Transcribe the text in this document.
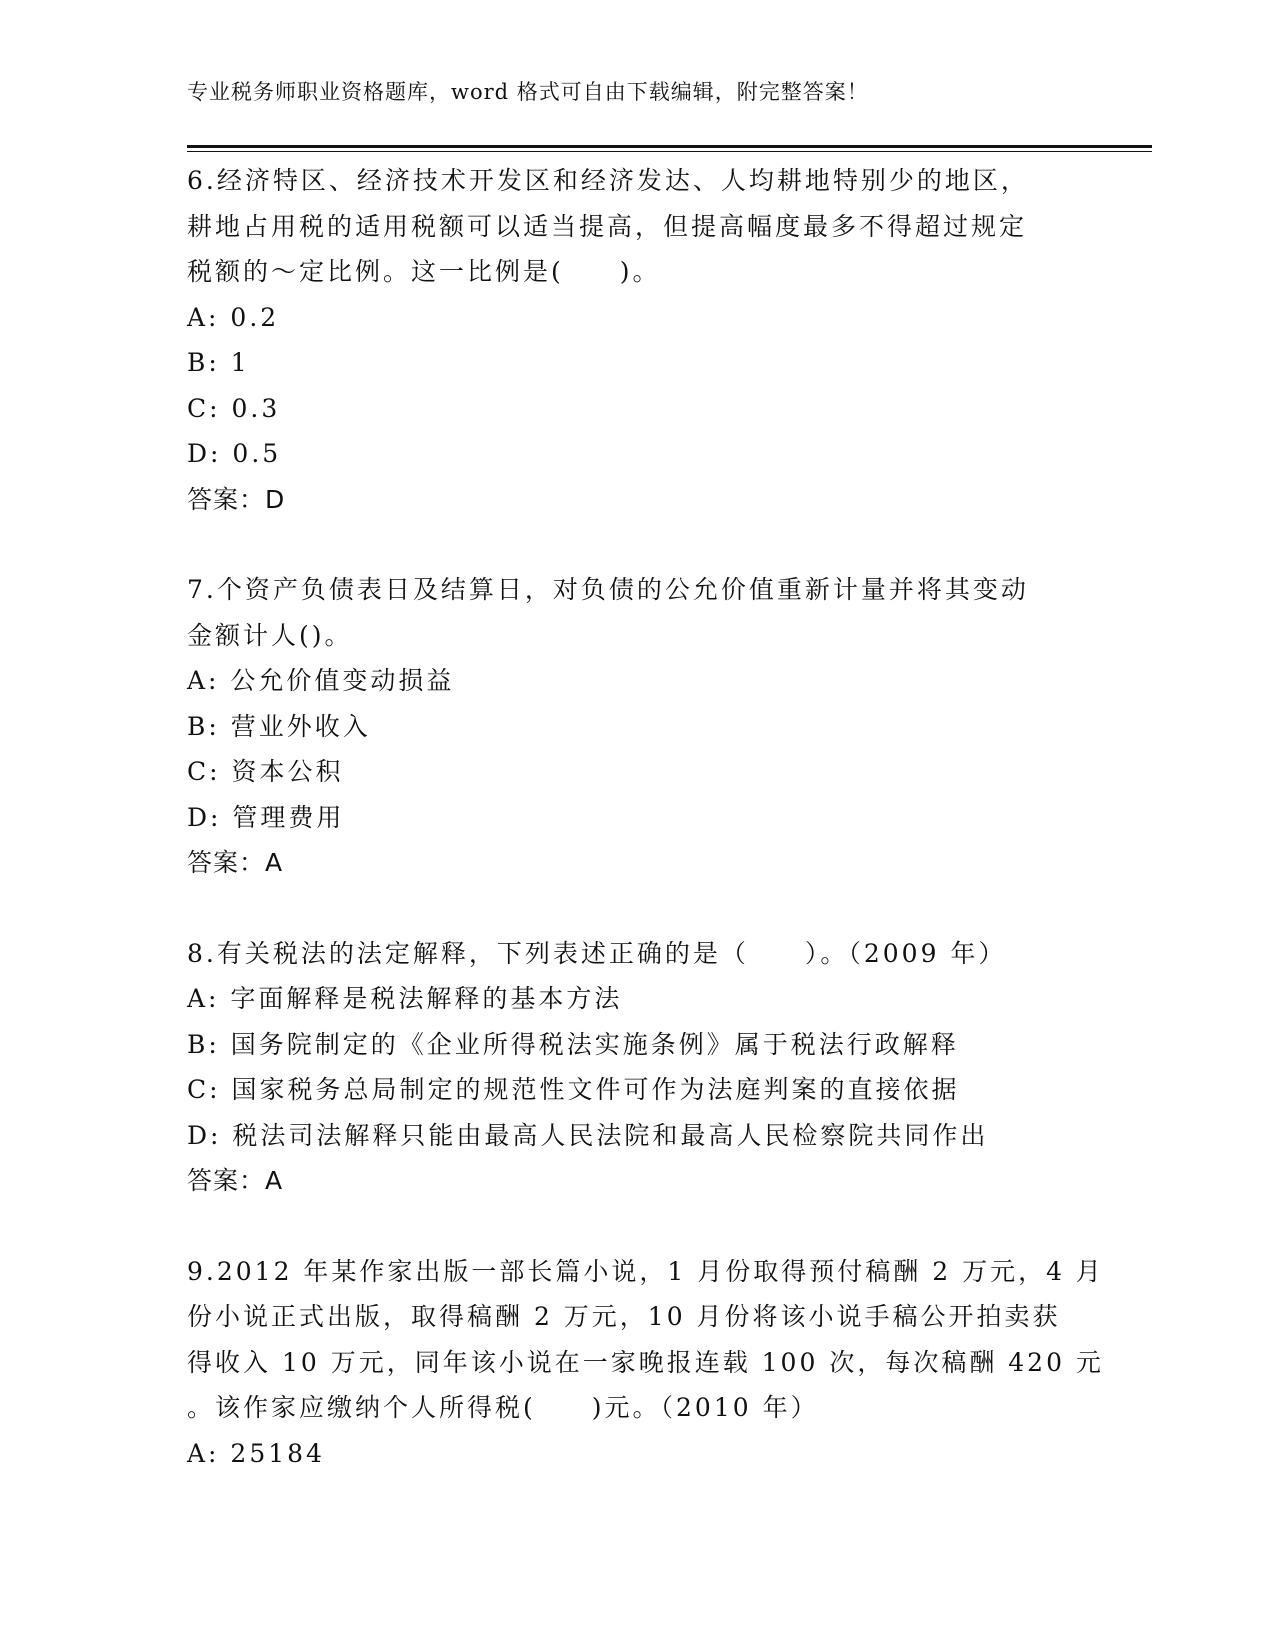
专业税务师职业资格题库，word 格式可自由下载编辑，附完整答案！

6.经济特区、经济技术开发区和经济发达、人均耕地特别少的地区，

耕地占用税的适用税额可以适当提高，但提高幅度最多不得超过规定

税额的～定比例。这一比例是(　　)。

A: 0.2

B: 1

C: 0.3

D: 0.5

答案：D

7.个资产负债表日及结算日，对负债的公允价值重新计量并将其变动

金额计人()。

A: 公允价值变动损益

B: 营业外收入

C: 资本公积

D: 管理费用

答案：A

8.有关税法的法定解释，下列表述正确的是（　　）。（2009 年）

A: 字面解释是税法解释的基本方法

B: 国务院制定的《企业所得税法实施条例》属于税法行政解释

C: 国家税务总局制定的规范性文件可作为法庭判案的直接依据

D: 税法司法解释只能由最高人民法院和最高人民检察院共同作出

答案：A

9.2012 年某作家出版一部长篇小说，1 月份取得预付稿酬 2 万元，4 月

份小说正式出版，取得稿酬 2 万元，10 月份将该小说手稿公开拍卖获

得收入 10 万元，同年该小说在一家晚报连载 100 次，每次稿酬 420 元

。该作家应缴纳个人所得税(　　)元。（2010 年）

A: 25184
